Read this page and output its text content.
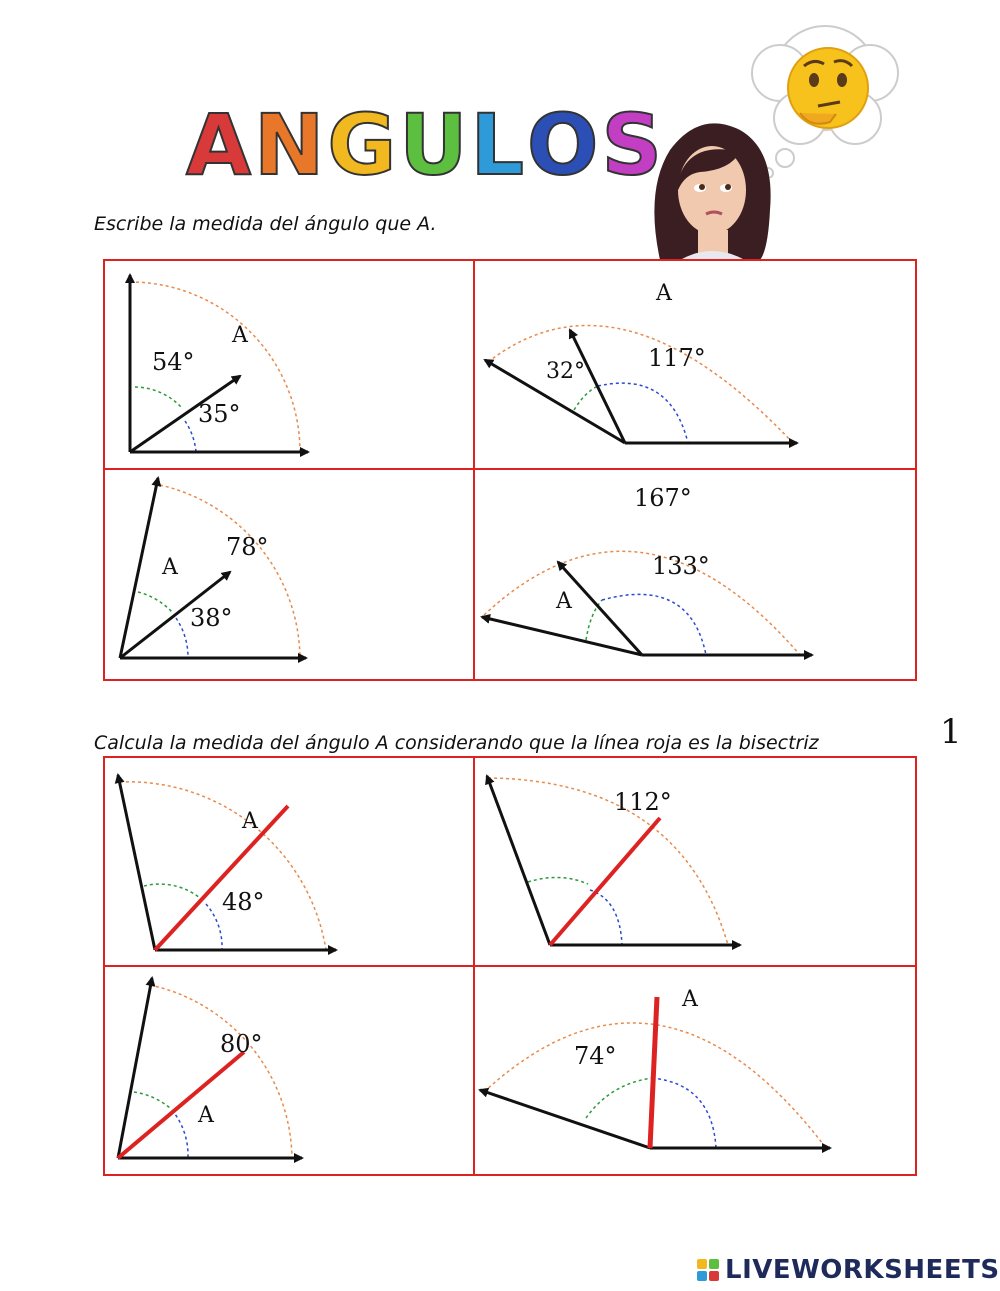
A N G U L O S
Escribe la medida del ángulo que A.
54°
A
35°
A
32°	117°
78°
A
38°
167°
133°
A
A
48°
112°
80°
A
A
74°
Calcula la medida del ángulo A considerando que la línea roja es la bisectriz	1
LIVEWORKSHEETS
